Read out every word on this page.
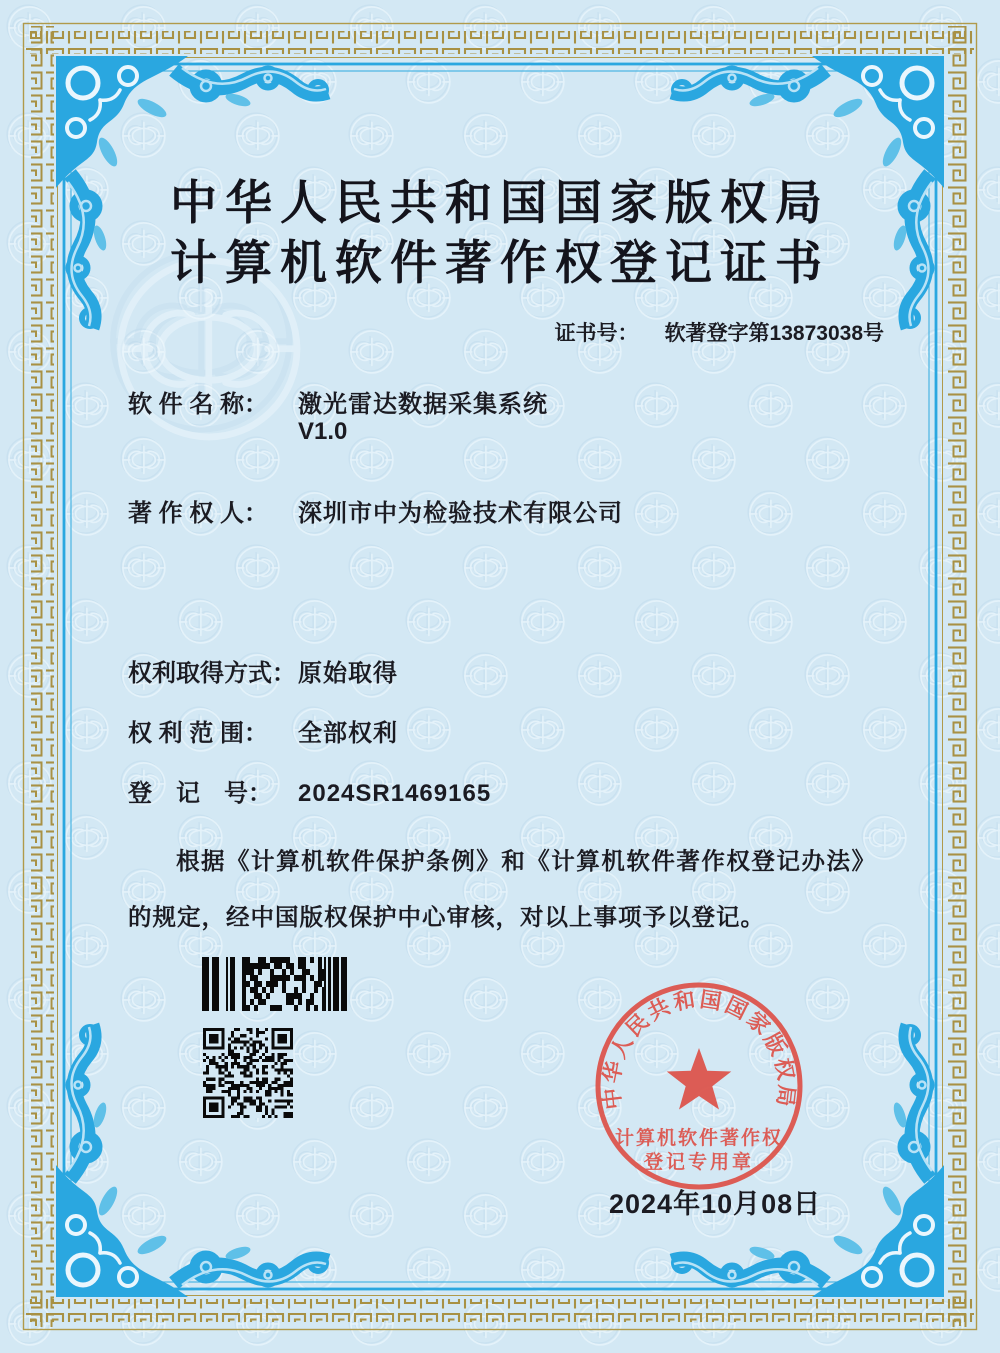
中华人民共和国国家版权局
计算机软件著作权登记证书
证书号： 软著登字第13873038号
软 件 名 称： 激光雷达数据采集系统
V1.0
著 作 权 人： 深圳市中为检验技术有限公司
权利取得方式：原始取得
权 利 范 围： 全部权利
登　记　号： 2024SR1469165
根据《计算机软件保护条例》和《计算机软件著作权登记办法》的规定，经中国版权保护中心审核，对以上事项予以登记。
中华人民共和国国家版权局
计算机软件著作权
登记专用章
2024年10月08日
